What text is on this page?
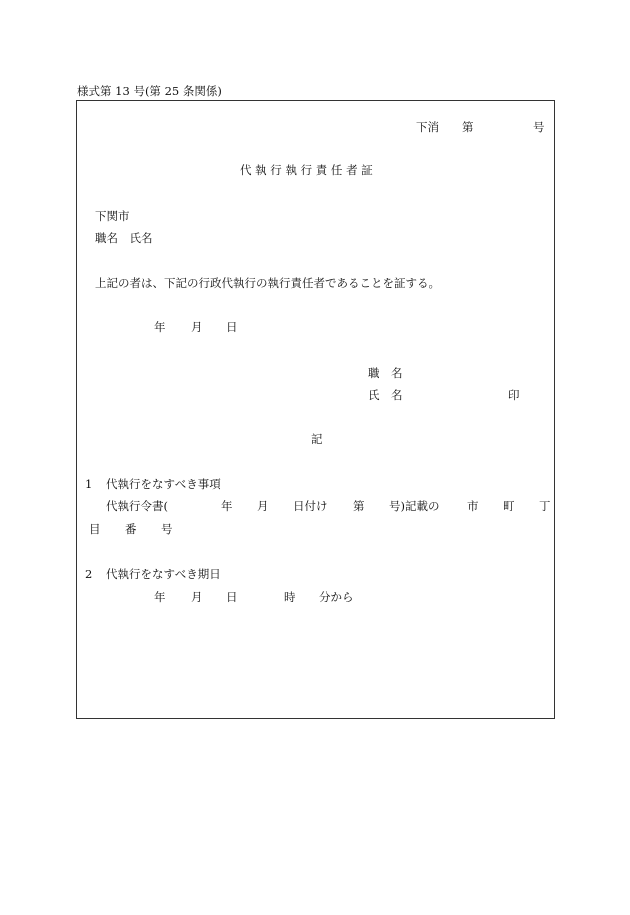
様式第 13 号(第 25 条関係)
下消 第	号
代 執 行 執 行 責 任 者 証
下関市
職名　氏名
上記の者は、下記の行政代執行の執行責任者であることを証する。
年 月 日
職　名
氏　名	印
記
1 代執行をなすべき事項
代執行令書(	年 月 日付け 第 号)記載の 市 町 丁
目 番 号
2 代執行をなすべき期日
年 月 日	時 分から
